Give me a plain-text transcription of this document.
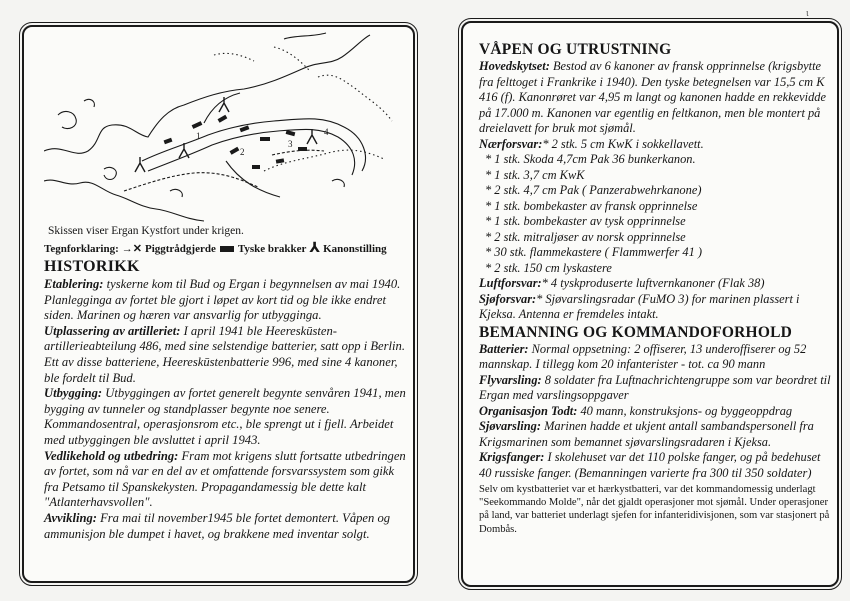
1
2
3
4
Skissen viser Ergan Kystfort under krigen.
Tegnforklaring: →✕ Piggtrådgjerde Tyske brakker ⅄ Kanonstilling
HISTORIKK

Etablering: tyskerne kom til Bud og Ergan i begynnelsen av mai 1940. Planleggingа av fortet ble gjort i løpet av kort tid og ble ikke endret siden. Marinen og hæren var ansvarlig for utbygginga.

Utplassering av artilleriet: I april 1941 ble Heereskūsten-artillerieabteilung 486, med sine selstendige batterier, satt opp i Berlin. Ett av disse batteriene, Heereskūstenbatterie 996, med sine 4 kanoner, ble fordelt til Bud.

Utbygging: Utbyggingen av fortet generelt begynte senvåren 1941, men bygging av tunneler og standplasser begynte noe senere. Kommandosentral, operasjonsrom etc., ble sprengt ut i fjell. Arbeidet med utbyggingen ble avsluttet i april 1943.

Vedlikehold og utbedring: Fram mot krigens slutt fortsatte utbedringen av fortet, som nå var en del av et omfattende forsvarssystem som gikk fra Petsamo til Spanskekysten. Propagandamessig ble dette kalt "Atlanterhavsvollen".

Avvikling: Fra mai til november1945 ble fortet demontert. Våpen og ammunisjon ble dumpet i havet, og brakkene med inventar solgt.

VÅPEN OG UTRUSTNING

Hovedskytset: Bestod av 6 kanoner av fransk opprinnelse (krigsbytte fra felttoget i Frankrike i 1940). Den tyske betegnelsen var 15,5 cm K 416 (f). Kanonrøret var 4,95 m langt og kanonen hadde en rekkevidde på 17.000 m. Kanonen var egentlig en feltkanon, men ble montert på dreielavett for bruk mot sjømål.

Nærforsvar:* 2 stk. 5 cm KwK i sokkellavett.

* 1 stk. Skoda 4,7cm Pak 36 bunkerkanon.
* 1 stk. 3,7 cm KwK
* 2 stk. 4,7 cm Pak ( Panzerabwehrkanone)
* 1 stk. bombekaster av fransk opprinnelse
* 1 stk. bombekaster av tysk opprinnelse
* 2 stk. mitraljøser av norsk opprinnelse
* 30 stk. flammekastere ( Flammwerfer 41 )
* 2 stk. 150 cm lyskastere

Luftforsvar:* 4 tyskproduserte luftvernkanoner (Flak 38)

Sjøforsvar:* Sjøvarslingsradar (FuMO 3) for marinen plassert i Kjeksa. Antenna er fremdeles intakt.

BEMANNING OG KOMMANDOFORHOLD

Batterier: Normal oppsetning: 2 offiserer, 13 underoffiserer og 52 mannskap. I tillegg kom 20 infanterister - tot. ca 90 mann

Flyvarsling: 8 soldater fra Luftnachrichtengruppe som var beordret til Ergan med varslingsoppgaver

Organisasjon Todt: 40 mann, konstruksjons- og byggeoppdrag

Sjøvarsling: Marinen hadde et ukjent antall sambandspersonell fra Krigsmarinen som bemannet sjøvarslingsradaren i Kjeksa.

Krigsfanger: I skolehuset var det 110 polske fanger, og på bedehuset 40 russiske fanger. (Bemanningen varierte fra 300 til 350 soldater)

Selv om kystbatteriet var et hærkystbatteri, var det kommandomessig underlagt "Seekommando Molde", når det gjaldt operasjoner mot sjømål. Under operasjoner på land, var batteriet underlagt sjefen for infanteridivisjonen, som var stasjonert på Dombås.

ι
